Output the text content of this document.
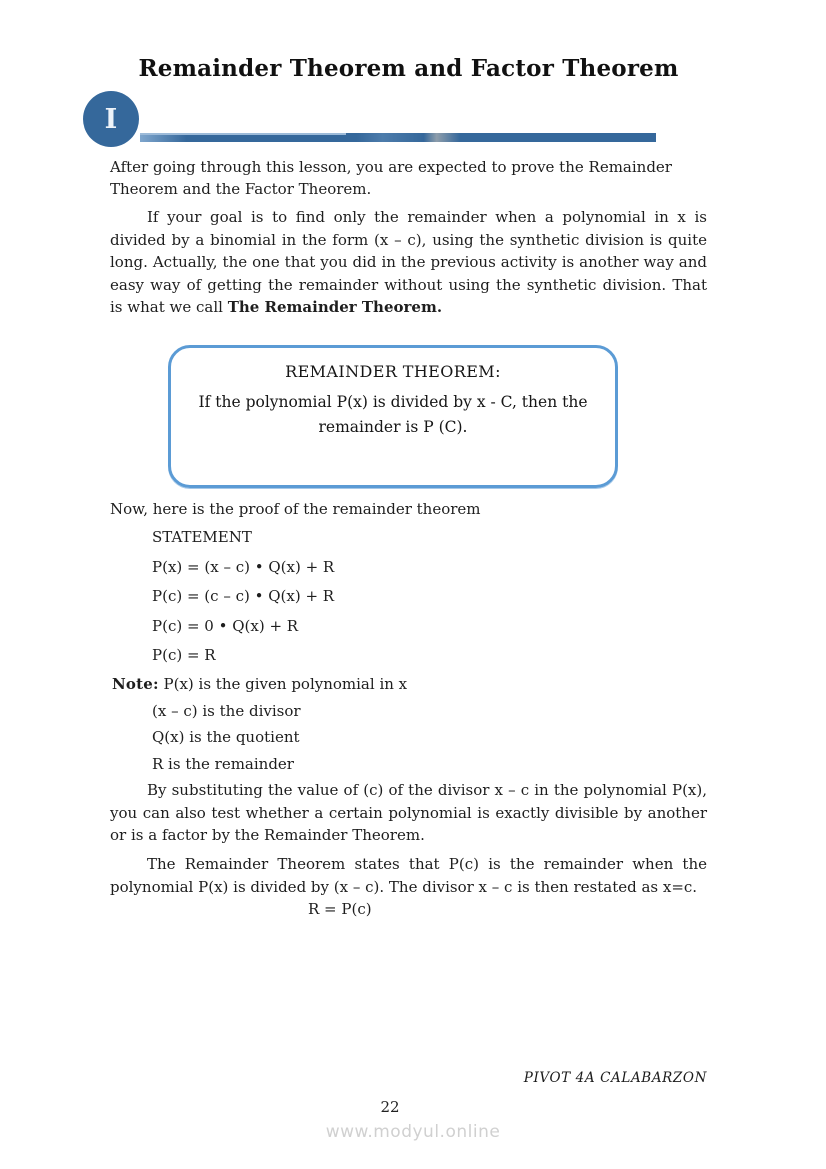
Remainder Theorem and Factor Theorem
I

After going through this lesson, you are expected to prove the Remainder Theorem and the Factor Theorem.

If your goal is to find only the remainder when a polynomial in x is divided by a binomial in the form (x – c), using the synthetic division is quite long. Actually, the one that you did in the previous activity is another way and easy way of getting the remainder without using the synthetic division. That is what we call The Remainder Theorem.

REMAINDER THEOREM:
If the polynomial P(x) is divided by x - C, then the
remainder is P (C).

Now, here is the proof of the remainder theorem

STATEMENT
P(x) = (x – c) • Q(x) + R
P(c) = (c – c) • Q(x) + R
P(c) = 0 • Q(x) + R
P(c) = R
Note: P(x) is the given polynomial in x
(x – c) is the divisor
Q(x) is the quotient
R is the remainder

By substituting the value of (c) of the divisor x – c in the polynomial P(x), you can also test whether a certain polynomial is exactly divisible by another or is a factor by the Remainder Theorem.

The Remainder Theorem states that P(c) is the remainder when the polynomial P(x) is divided by (x – c). The divisor x – c is then restated as x=c.

R = P(c)
PIVOT 4A CALABARZON
22
www.modyul.online
